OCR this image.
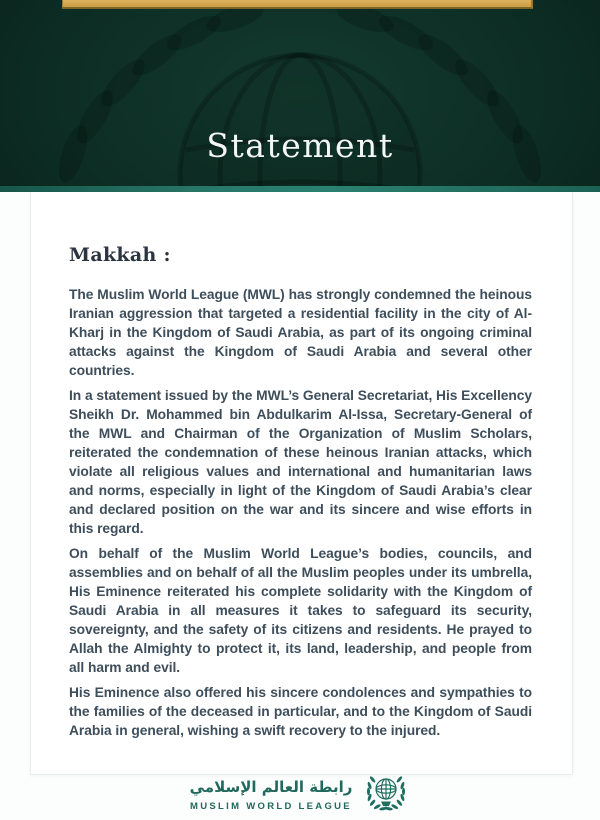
Statement
Makkah :

The Muslim World League (MWL) has strongly condemned the heinous Iranian aggression that targeted a residential facility in the city of Al-Kharj in the Kingdom of Saudi Arabia, as part of its ongoing criminal attacks against the Kingdom of Saudi Arabia and several other countries.

In a statement issued by the MWL’s General Secretariat, His Excellency Sheikh Dr. Mohammed bin Abdulkarim Al-Issa, Secretary-General of the MWL and Chairman of the Organization of Muslim Scholars, reiterated the condemnation of these heinous Iranian attacks, which violate all religious values and international and humanitarian laws and norms, especially in light of the Kingdom of Saudi Arabia’s clear and declared position on the war and its sincere and wise efforts in this regard.

On behalf of the Muslim World League’s bodies, councils, and assemblies and on behalf of all the Muslim peoples under its umbrella, His Eminence reiterated his complete solidarity with the Kingdom of Saudi Arabia in all measures it takes to safeguard its security, sovereignty, and the safety of its citizens and residents. He prayed to Allah the Almighty to protect it, its land, leadership, and people from all harm and evil.

His Eminence also offered his sincere condolences and sympathies to the families of the deceased in particular, and to the Kingdom of Saudi Arabia in general, wishing a swift recovery to the injured.

رابطة العالم الإسلامي
MUSLIM WORLD LEAGUE
